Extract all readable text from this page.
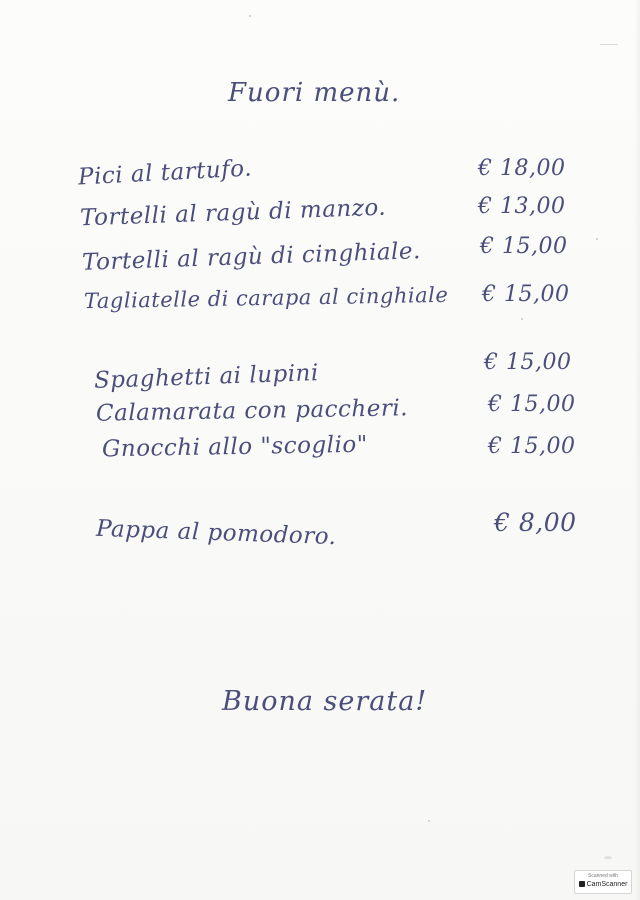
Fuori menù.
Pici al tartufo.	€ 18,00
Tortelli al ragù di manzo.	€ 13,00
Tortelli al ragù di cinghiale.	€ 15,00
Tagliatelle di carapa al cinghiale € 15,00
Spaghetti ai lupini	€ 15,00
Calamarata con paccheri.	€ 15,00
Gnocchi allo "scoglio"	€ 15,00
Pappa al pomodoro.	€ 8,00
Buona serata!
Scanned with
CamScanner
